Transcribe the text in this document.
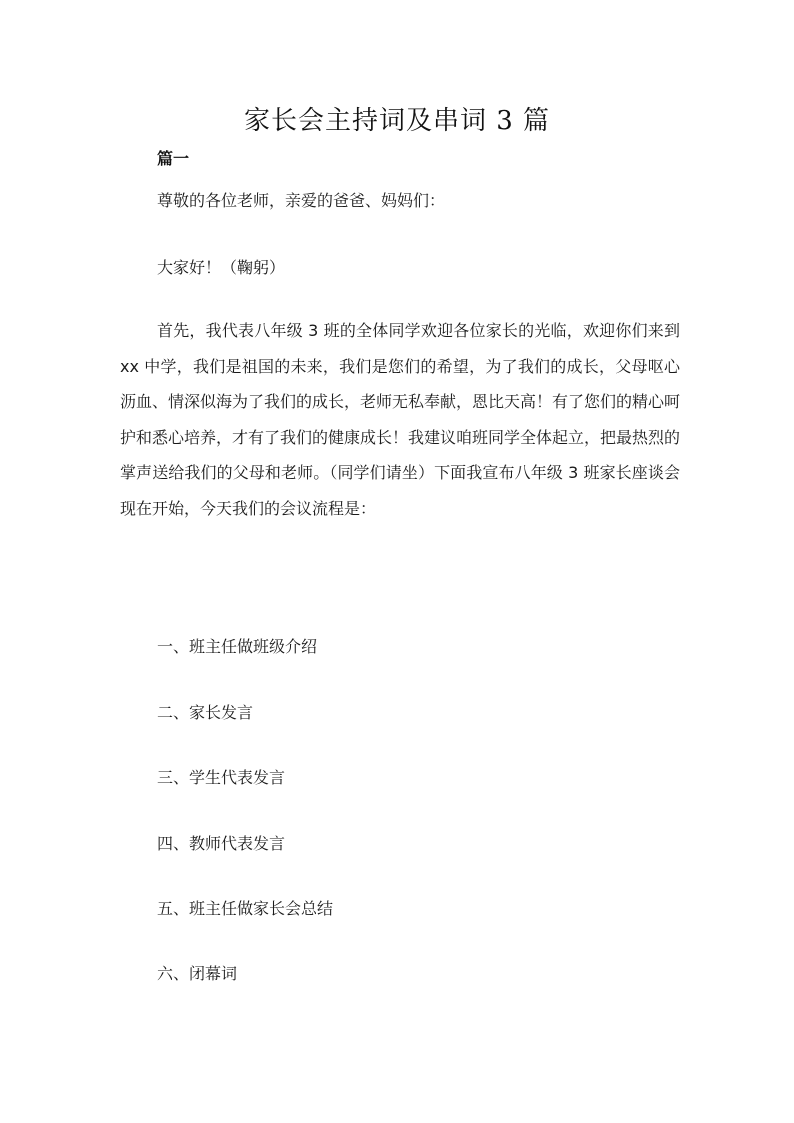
家长会主持词及串词 3 篇
篇一
尊敬的各位老师，亲爱的爸爸、妈妈们：
大家好！（鞠躬）
首先，我代表八年级 3 班的全体同学欢迎各位家长的光临，欢迎你们来到 xx 中学，我们是祖国的未来，我们是您们的希望，为了我们的成长，父母呕心沥血、情深似海为了我们的成长，老师无私奉献，恩比天高！有了您们的精心呵护和悉心培养，才有了我们的健康成长！我建议咱班同学全体起立，把最热烈的掌声送给我们的父母和老师。（同学们请坐）下面我宣布八年级 3 班家长座谈会现在开始，今天我们的会议流程是：
一、班主任做班级介绍
二、家长发言
三、学生代表发言
四、教师代表发言
五、班主任做家长会总结
六、闭幕词
